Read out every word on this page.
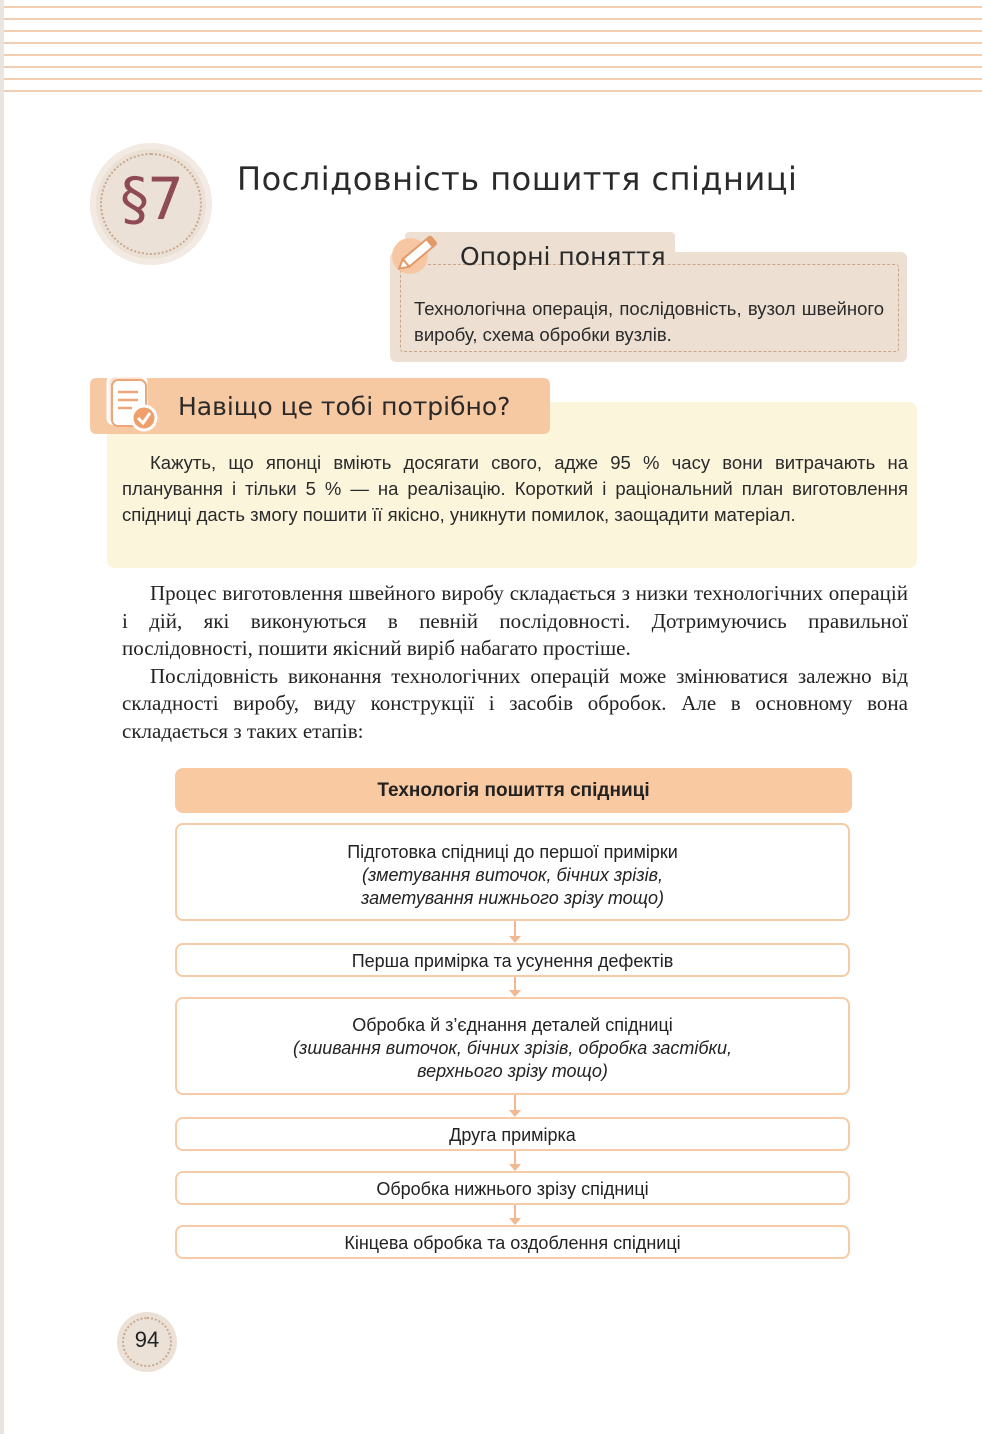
§7	Послідовність пошиття спідниці
Опорні поняття
Технологічна операція, послідовність, вузол швейного виробу, схема обробки вузлів.
Навіщо це тобі потрібно?
Кажуть, що японці вміють досягати свого, адже 95 % часу вони витрачають на планування і тільки 5 % — на реалізацію. Короткий і раціональний план виготовлення спідниці дасть змогу пошити її якісно, уникнути помилок, заощадити матеріал.

Процес виготовлення швейного виробу складається з низки технологічних операцій і дій, які виконуються в певній послідовності. Дотримуючись правильної послідовності, пошити якісний виріб набагато простіше.

Послідовність виконання технологічних операцій може змінюватися залежно від складності виробу, виду конструкції і засобів обробок. Але в основному вона складається з таких етапів:

Технологія пошиття спідниці
Підготовка спідниці до першої примірки
(зметування виточок, бічних зрізів, заметування нижнього зрізу тощо)
Перша примірка та усунення дефектів
Обробка й з’єднання деталей спідниці
(зшивання виточок, бічних зрізів, обробка застібки, верхнього зрізу тощо)
Друга примірка
Обробка нижнього зрізу спідниці
Кінцева обробка та оздоблення спідниці
94
